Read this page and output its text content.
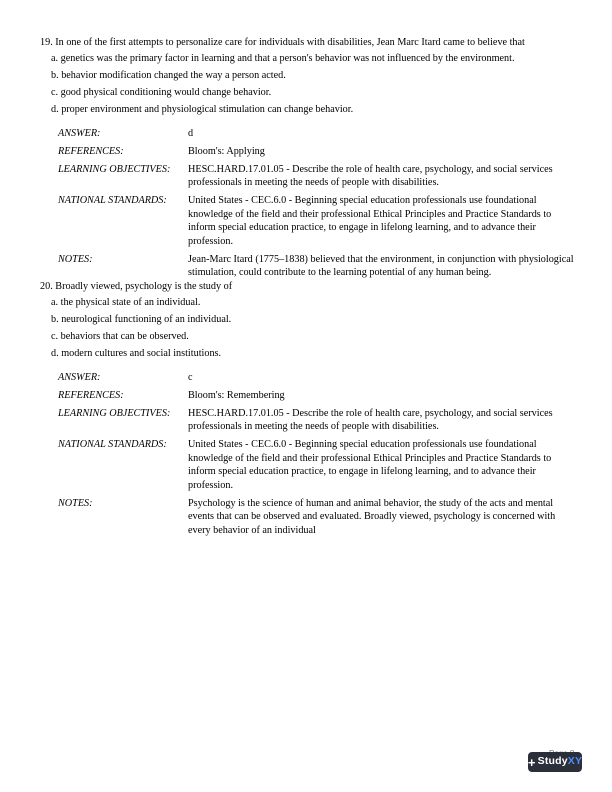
19. In one of the first attempts to personalize care for individuals with disabilities, Jean Marc Itard came to believe that

a. genetics was the primary factor in learning and that a person's behavior was not influenced by the environment.
b. behavior modification changed the way a person acted.
c. good physical conditioning would change behavior.
d. proper environment and physiological stimulation can change behavior.
ANSWER:	d
REFERENCES:	Bloom's: Applying
LEARNING OBJECTIVES:	HESC.HARD.17.01.05 - Describe the role of health care, psychology, and social services professionals in meeting the needs of people with disabilities.
NATIONAL STANDARDS:	United States - CEC.6.0 - Beginning special education professionals use foundational knowledge of the field and their professional Ethical Principles and Practice Standards to inform special education practice, to engage in lifelong learning, and to advance their profession.
NOTES:	Jean-Marc Itard (1775–1838) believed that the environment, in conjunction with physiological stimulation, could contribute to the learning potential of any human being.

20. Broadly viewed, psychology is the study of

a. the physical state of an individual.
b. neurological functioning of an individual.
c. behaviors that can be observed.
d. modern cultures and social institutions.
ANSWER:	c
REFERENCES:	Bloom's: Remembering
LEARNING OBJECTIVES:	HESC.HARD.17.01.05 - Describe the role of health care, psychology, and social services professionals in meeting the needs of people with disabilities.
NATIONAL STANDARDS:	United States - CEC.6.0 - Beginning special education professionals use foundational knowledge of the field and their professional Ethical Principles and Practice Standards to inform special education practice, to engage in lifelong learning, and to advance their profession.
NOTES:	Psychology is the science of human and animal behavior, the study of the acts and mental events that can be observed and evaluated. Broadly viewed, psychology is concerned with every behavior of an individual
+ Study XY
